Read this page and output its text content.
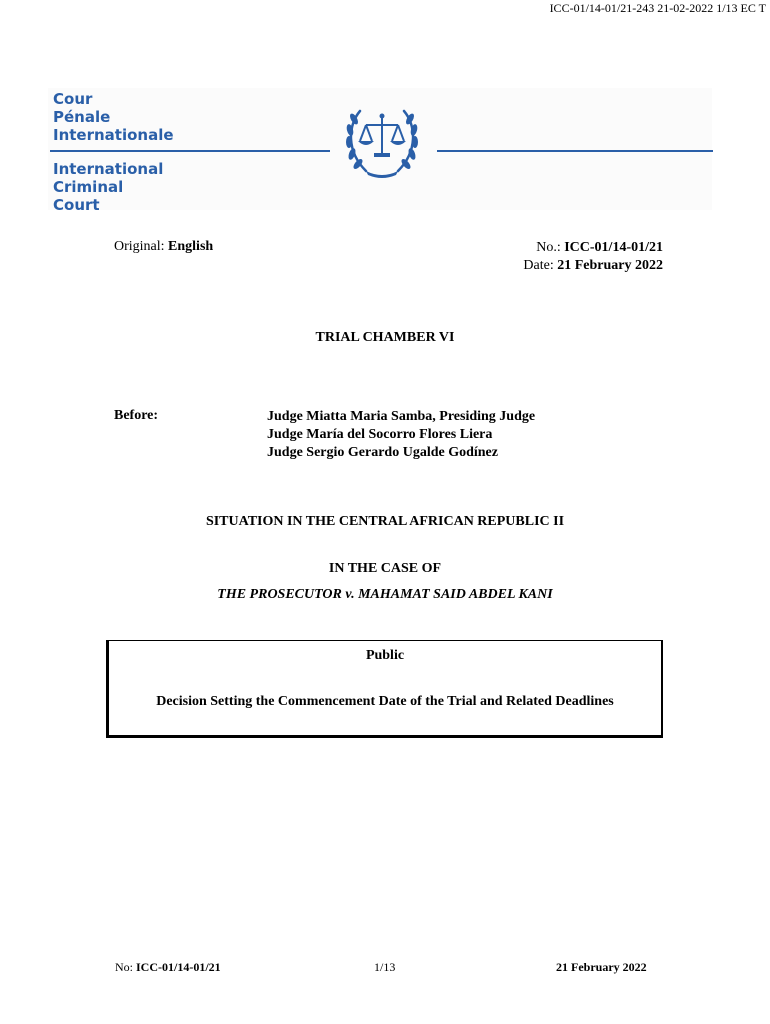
ICC-01/14-01/21-243 21-02-2022 1/13 EC T
Cour
Pénale
Internationale
International
Criminal
Court
Original: English	No.: ICC-01/14-01/21
Date: 21 February 2022
TRIAL CHAMBER VI
Before:	Judge Miatta Maria Samba, Presiding Judge
Judge María del Socorro Flores Liera
Judge Sergio Gerardo Ugalde Godínez
SITUATION IN THE CENTRAL AFRICAN REPUBLIC II
IN THE CASE OF
THE PROSECUTOR v. MAHAMAT SAID ABDEL KANI
Public
Decision Setting the Commencement Date of the Trial and Related Deadlines
No: ICC-01/14-01/21	1/13	21 February 2022
